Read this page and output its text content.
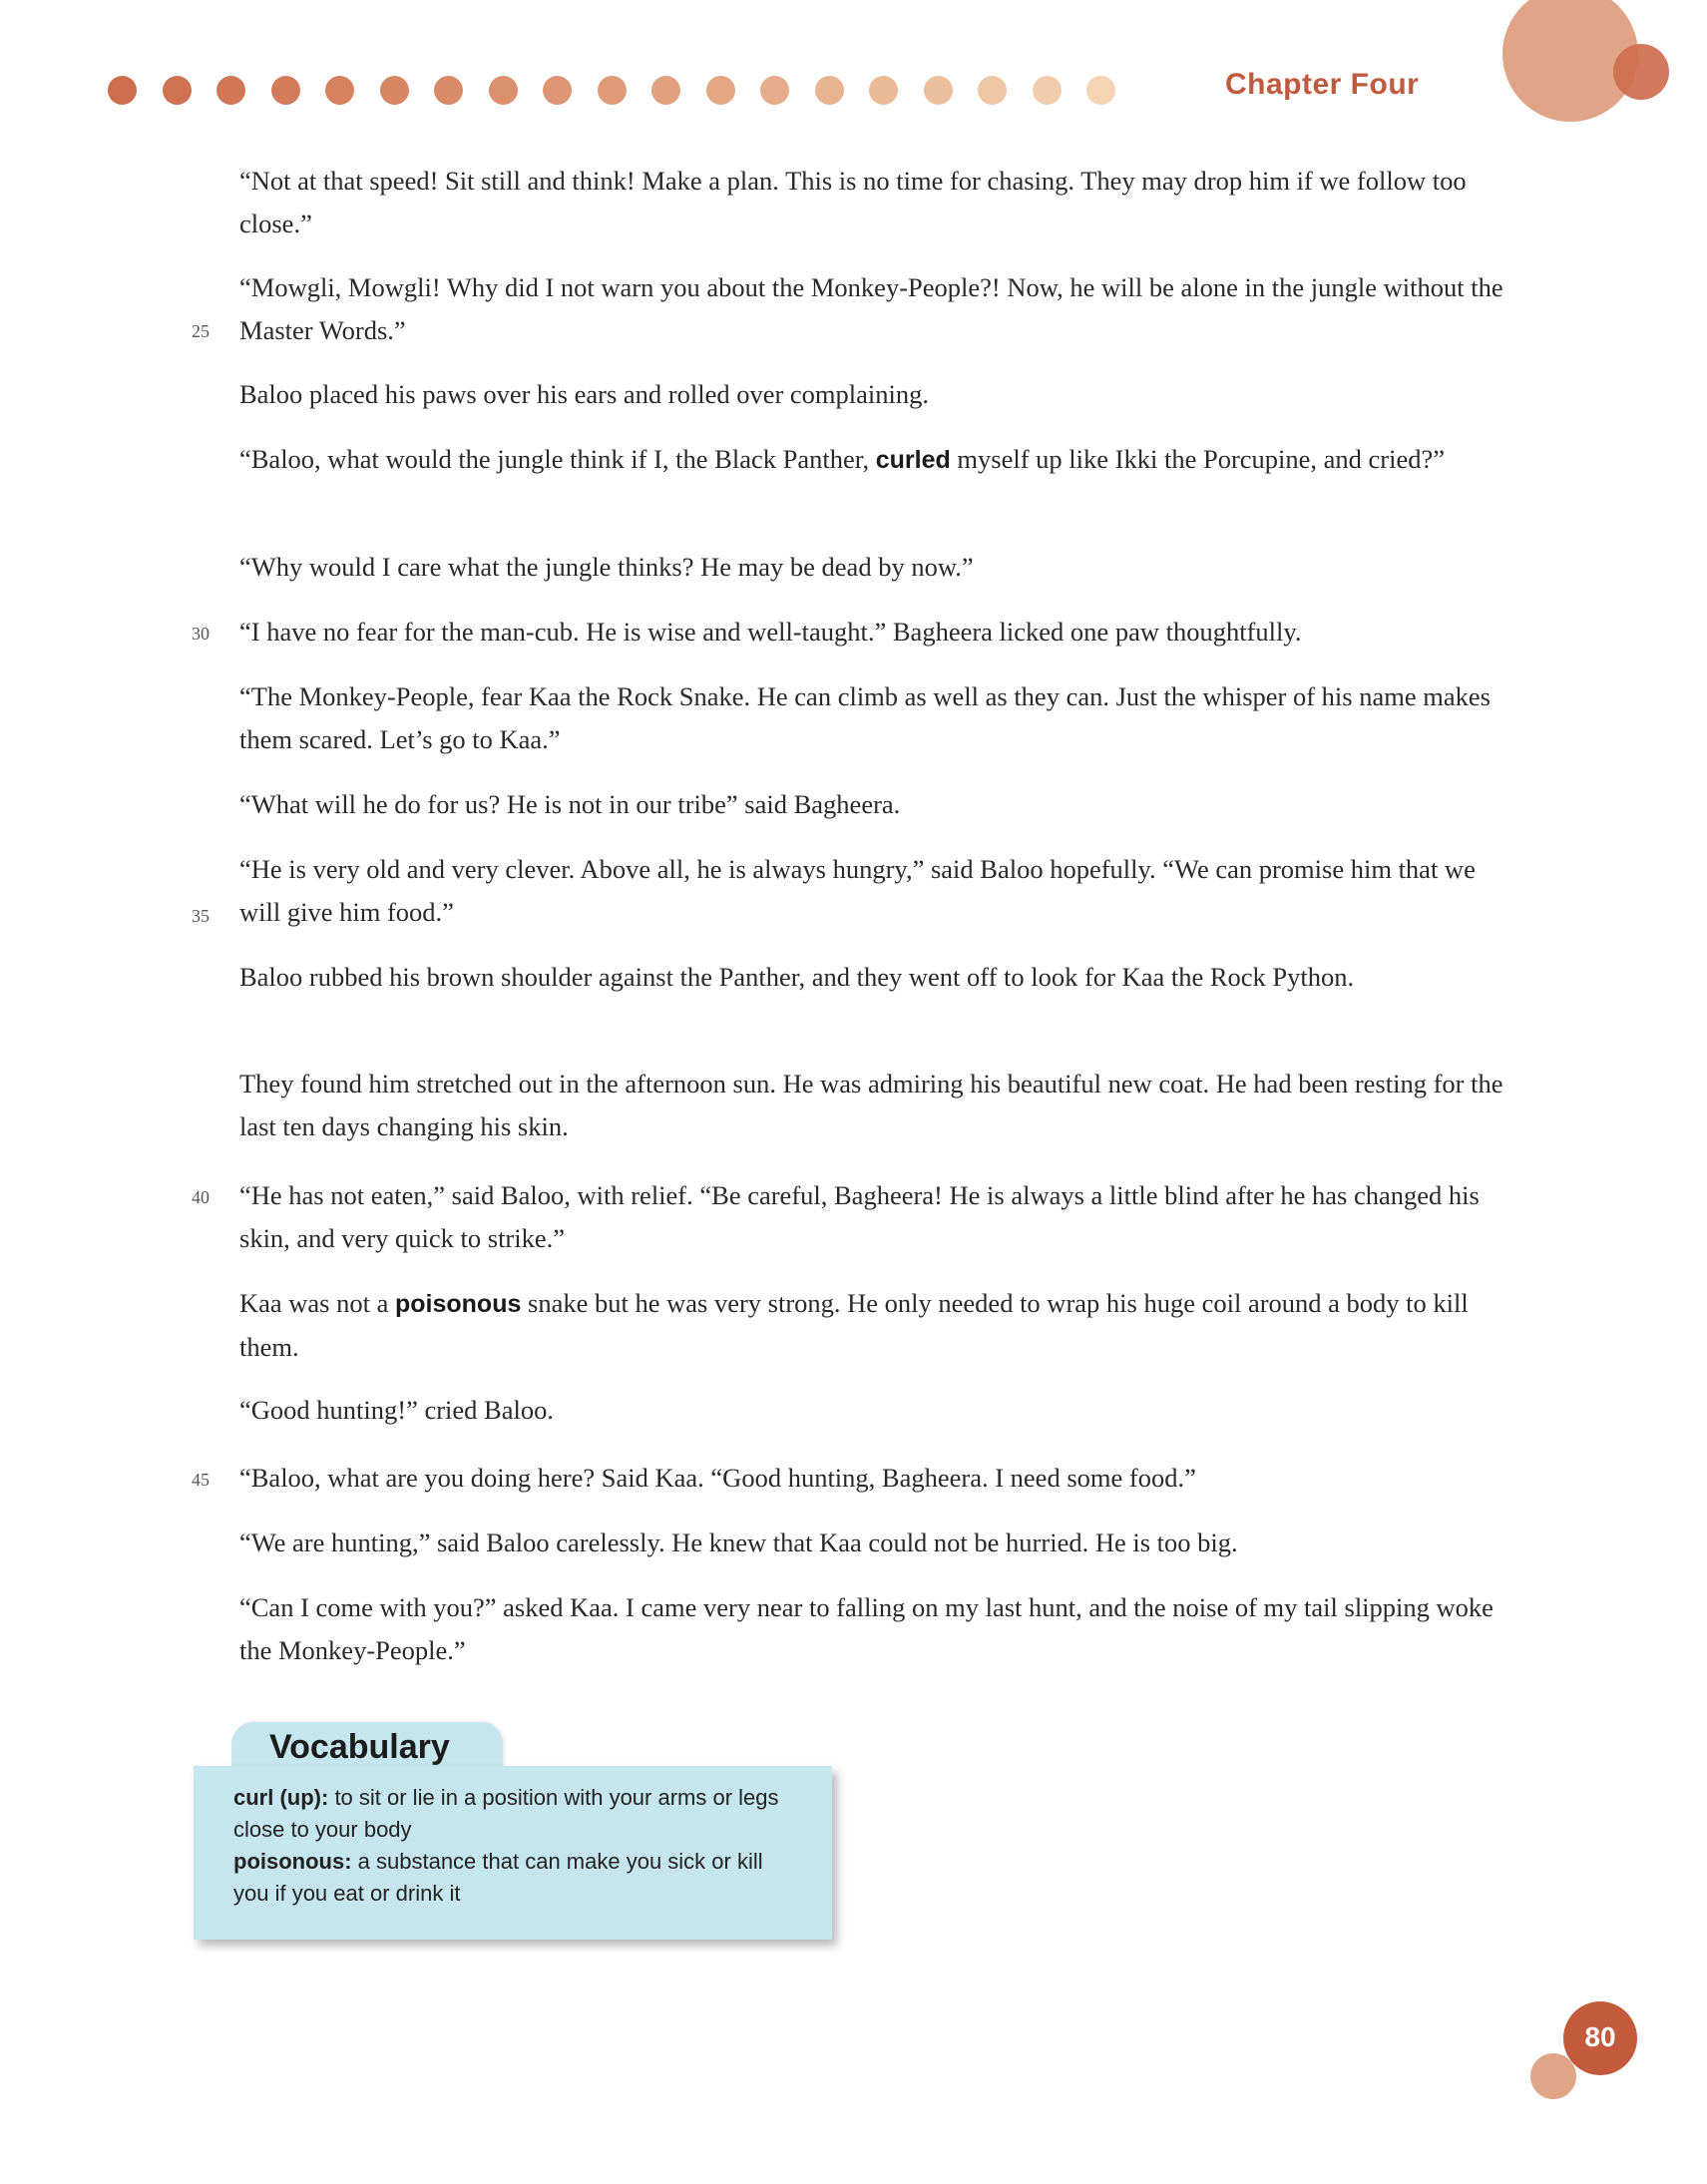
Chapter Four
25
30
35
40
45

“Not at that speed! Sit still and think! Make a plan. This is no time for chasing. They may drop him if we follow too close.”

“Mowgli, Mowgli! Why did I not warn you about the Monkey-People?! Now, he will be alone in the jungle without the Master Words.”

Baloo placed his paws over his ears and rolled over complaining.

“Baloo, what would the jungle think if I, the Black Panther, curled myself up like Ikki the Porcupine, and cried?”

“Why would I care what the jungle thinks? He may be dead by now.”

“I have no fear for the man-cub. He is wise and well-taught.” Bagheera licked one paw thoughtfully.

“The Monkey-People, fear Kaa the Rock Snake. He can climb as well as they can. Just the whisper of his name makes them scared. Let’s go to Kaa.”

“What will he do for us? He is not in our tribe” said Bagheera.

“He is very old and very clever. Above all, he is always hungry,” said Baloo hopefully. “We can promise him that we will give him food.”

Baloo rubbed his brown shoulder against the Panther, and they went off to look for Kaa the Rock Python.

They found him stretched out in the afternoon sun. He was admiring his beautiful new coat. He had been resting for the last ten days changing his skin.

“He has not eaten,” said Baloo, with relief. “Be careful, Bagheera! He is always a little blind after he has changed his skin, and very quick to strike.”

Kaa was not a poisonous snake but he was very strong. He only needed to wrap his huge coil around a body to kill them.

“Good hunting!” cried Baloo.

“Baloo, what are you doing here? Said Kaa. “Good hunting, Bagheera. I need some food.”

“We are hunting,” said Baloo carelessly. He knew that Kaa could not be hurried. He is too big.

“Can I come with you?” asked Kaa. I came very near to falling on my last hunt, and the noise of my tail slipping woke the Monkey-People.”

Vocabulary
curl (up): to sit or lie in a position with your arms or legs close to your body
poisonous: a substance that can make you sick or kill you if you eat or drink it
80
